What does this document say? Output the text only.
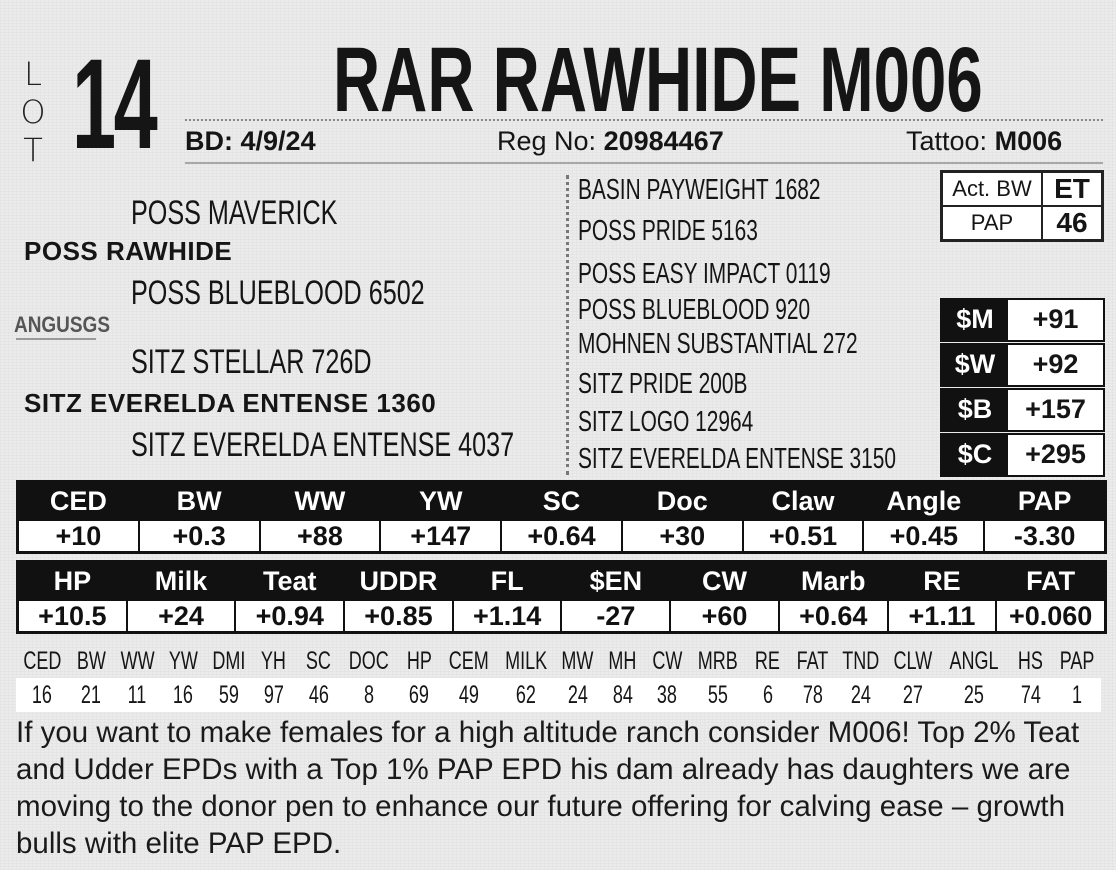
L
O
T 14 RAR RAWHIDE M006
BD: 4/9/24	Reg No: 20984467	Tattoo: M006
POSS MAVERICK
POSS RAWHIDE
POSS BLUEBLOOD 6502
ANGUSGS
SITZ STELLAR 726D
SITZ EVERELDA ENTENSE 1360
SITZ EVERELDA ENTENSE 4037
BASIN PAYWEIGHT 1682
POSS PRIDE 5163
POSS EASY IMPACT 0119
POSS BLUEBLOOD 920
MOHNEN SUBSTANTIAL 272
SITZ PRIDE 200B
SITZ LOGO 12964
SITZ EVERELDA ENTENSE 3150
Act. BW ET
PAP	46
$M	+91
$W	+92
$B	+157
$C	+295
CED	BW	WW	YW	SC	Doc	Claw	Angle	PAP
+10	+0.3	+88	+147	+0.64	+30	+0.51	+0.45	-3.30
HP	Milk	Teat	UDDR	FL	$EN	CW	Marb	RE	FAT
+10.5	+24	+0.94	+0.85	+1.14	-27	+60	+0.64	+1.11	+0.060
CED BW WW YW DMI YH SC DOC HP CEM MILK MW MH CW MRB RE FAT TND CLW ANGL HS PAP
16	21	11	16	59	97 46	8	69	49	62	24 84 38	55	6	78	24	27	25	74	1
If you want to make females for a high altitude ranch consider M006! Top 2% Teat and Udder EPDs with a Top 1% PAP EPD his dam already has daughters we are moving to the donor pen to enhance our future offering for calving ease – growth bulls with elite PAP EPD.
